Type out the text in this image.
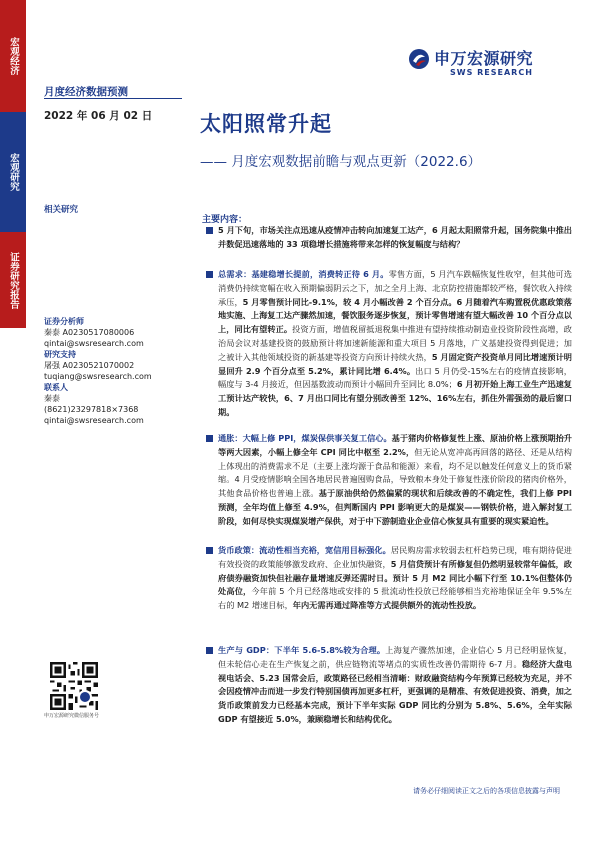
宏观经济
宏观研究
证券研究报告
申万宏源研究
SWS RESEARCH
月度经济数据预测
2022 年 06 月 02 日 太阳照常升起
—— 月度宏观数据前瞻与观点更新（2022.6）
相关研究
证券分析师
秦泰 A0230517080006
qintai@swsresearch.com
研究支持
屠强 A0230521070002
tuqiang@swsresearch.com
联系人
秦泰
(8621)23297818×7368
qintai@swsresearch.com
申万宏源研究微信服务号
主要内容：
5 月下旬，市场关注点迅速从疫情冲击转向加速复工达产，6 月起太阳照常升起，国务院集中推出并数促迅速落地的 33 项稳增长措施将带来怎样的恢复幅度与结构？
总需求：基建稳增长提前，消费转正待 6 月。零售方面，5 月汽车跌幅恢复性收窄，但其他可选消费仍持续宽幅在收入预期偏弱阴云之下，加之全月上海、北京防控措施都较严格，餐饮收入持续承压，5 月零售预计同比-9.1%，较 4 月小幅改善 2 个百分点。6 月随着汽车购置税优惠政策落地实施、上海复工达产骤然加速，餐饮服务逐步恢复，预计零售增速有望大幅改善 10 个百分点以上，同比有望转正。投资方面，增值税留抵退税集中推进有望持续推动制造业投资阶段性高增，政治局会议对基建投资的鼓励预计将加速新能源和重大项目 5 月落地，广义基建投资得到促进；加之被计入其他领域投资的新基建等投资方向预计持续火热，5 月固定资产投资单月同比增速预计明显回升 2.9 个百分点至 5.2%，累计同比增 6.4%。出口 5 月仍受-15%左右的疫情直接影响，幅度与 3-4 月接近，但因基数波动而预计小幅回升至同比 8.0%；6 月初开始上海工业生产迅速复工预计达产较快，6、7 月出口同比有望分别改善至 12%、16%左右，抓住外需强劲的最后窗口期。
通胀：大幅上修 PPI，煤炭保供事关复工信心。基于猪肉价格修复性上涨、原油价格上涨预期抬升等两大因素，小幅上修全年 CPI 同比中枢至 2.2%，但无论从宽冲高再回落的路径、还是从结构上体现出的消费需求不足（主要上涨均源于食品和能源）来看，均不足以触发任何意义上的货币紧缩。4 月受疫情影响全国各地居民普遍囤购食品，导致粮本身处于修复性涨价阶段的猪肉价格外，其他食品价格也普遍上涨。基于原油供给仍然偏紧的现状和后续改善的不确定性，我们上修 PPI 预测，全年均值上修至 4.9%，但判断国内 PPI 影响更大的是煤炭——钢铁价格，进入解封复工阶段，如何尽快实现煤炭增产保供，对于中下游制造业企业信心恢复具有重要的现实紧迫性。
货币政策：流动性相当充裕，宽信用目标强化。居民购房需求较弱去杠杆趋势已现，唯有期待促进有效投资的政策能够激发政府、企业加快融资，5 月信贷预计有所修复但仍然明显较常年偏低，政府债券融资加快但社融存量增速反弹还需时日。预计 5 月 M2 同比小幅下行至 10.1%但整体仍处高位，今年前 5 个月已经落地或安排的 5 批流动性投放已经能够相当充裕地保证全年 9.5%左右的 M2 增速目标，年内无需再通过降准等方式提供额外的流动性投放。
生产与 GDP：下半年 5.6-5.8%较为合理。上海复产骤然加速，企业信心 5 月已经明显恢复，但未轮信心走在生产恢复之前，供应链物流等堵点的实质性改善仍需期待 6-7 月。稳经济大盘电视电话会、5.23 国常会后，政策路径已经相当清晰：财政融资结构今年预算已经较为充足，并不会因疫情冲击而进一步发行特别国债再加更多杠杆，更强调的是精准、有效促进投资、消费，加之货币政策前发力已经基本完成，预计下半年实际 GDP 同比约分别为 5.8%、5.6%，全年实际 GDP 有望接近 5.0%，兼顾稳增长和结构优化。
请务必仔细阅读正文之后的各项信息披露与声明
